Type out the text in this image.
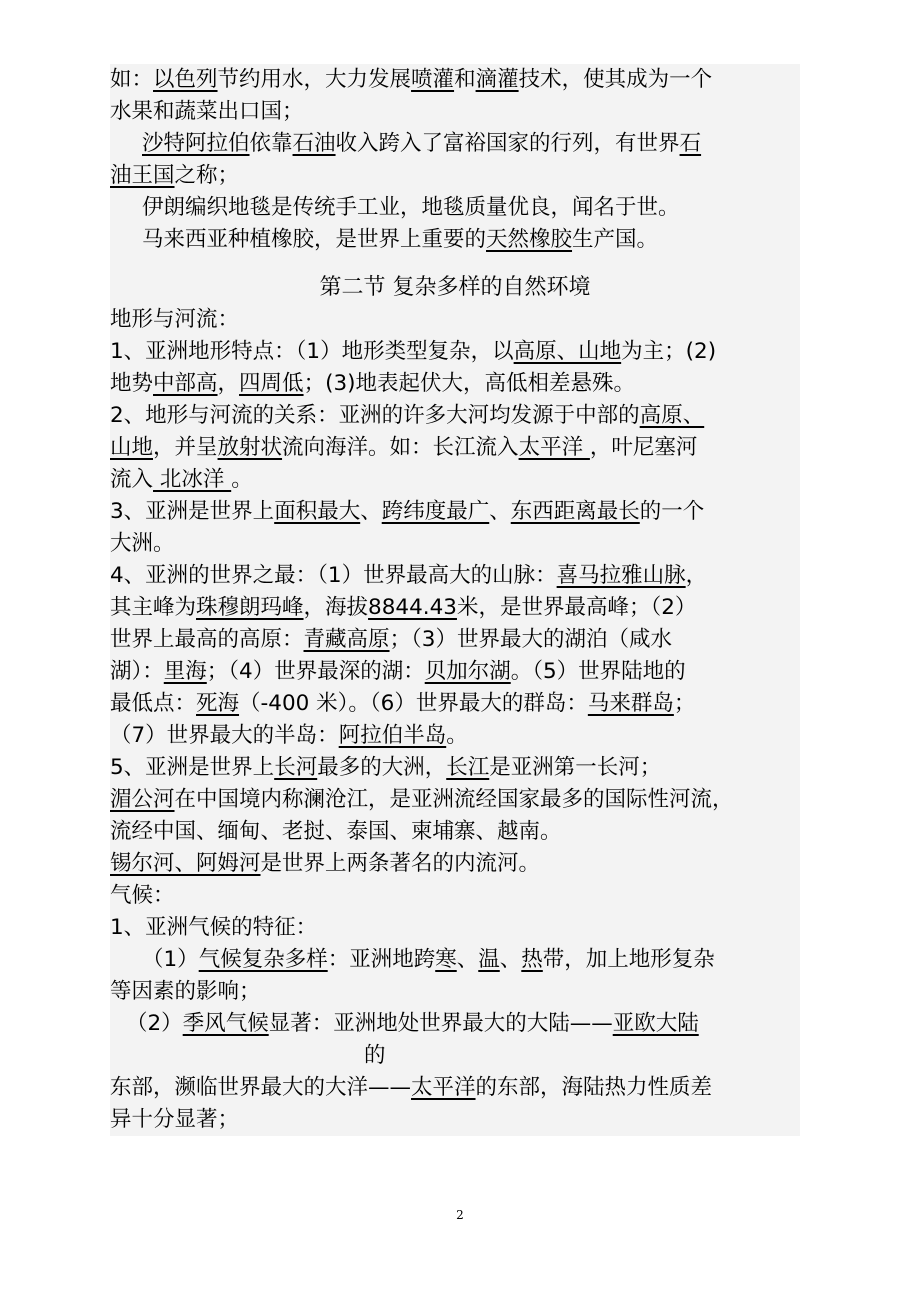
如：以色列节约用水，大力发展喷灌和滴灌技术，使其成为一个
水果和蔬菜出口国；
沙特阿拉伯依靠石油收入跨入了富裕国家的行列，有世界石
油王国之称；
伊朗编织地毯是传统手工业，地毯质量优良，闻名于世。
马来西亚种植橡胶，是世界上重要的天然橡胶生产国。
第二节 复杂多样的自然环境
地形与河流：
1、亚洲地形特点：（1）地形类型复杂，以高原、山地为主；(2)
地势中部高，四周低；(3)地表起伏大，高低相差悬殊。
2、地形与河流的关系：亚洲的许多大河均发源于中部的高原、
山地，并呈放射状流向海洋。如：长江流入太平洋 ，叶尼塞河
流入 北冰洋 。
3、亚洲是世界上面积最大、跨纬度最广、东西距离最长的一个
大洲。
4、亚洲的世界之最：（1）世界最高大的山脉：喜马拉雅山脉，
其主峰为珠穆朗玛峰，海拔8844.43米，是世界最高峰；（2）
世界上最高的高原：青藏高原；（3）世界最大的湖泊（咸水
湖）：里海；（4）世界最深的湖：贝加尔湖。（5）世界陆地的
最低点：死海（-400 米）。（6）世界最大的群岛：马来群岛；
（7）世界最大的半岛：阿拉伯半岛。
5、亚洲是世界上长河最多的大洲，长江是亚洲第一长河；
湄公河在中国境内称澜沧江，是亚洲流经国家最多的国际性河流，
流经中国、缅甸、老挝、泰国、柬埔寨、越南。
锡尔河、阿姆河是世界上两条著名的内流河。
气候：
1、亚洲气候的特征：
（1）气候复杂多样：亚洲地跨寒、温、热带，加上地形复杂
等因素的影响；
（2）季风气候显著：亚洲地处世界最大的大陆——亚欧大陆
的
东部，濒临世界最大的大洋——太平洋的东部，海陆热力性质差
异十分显著；
2
